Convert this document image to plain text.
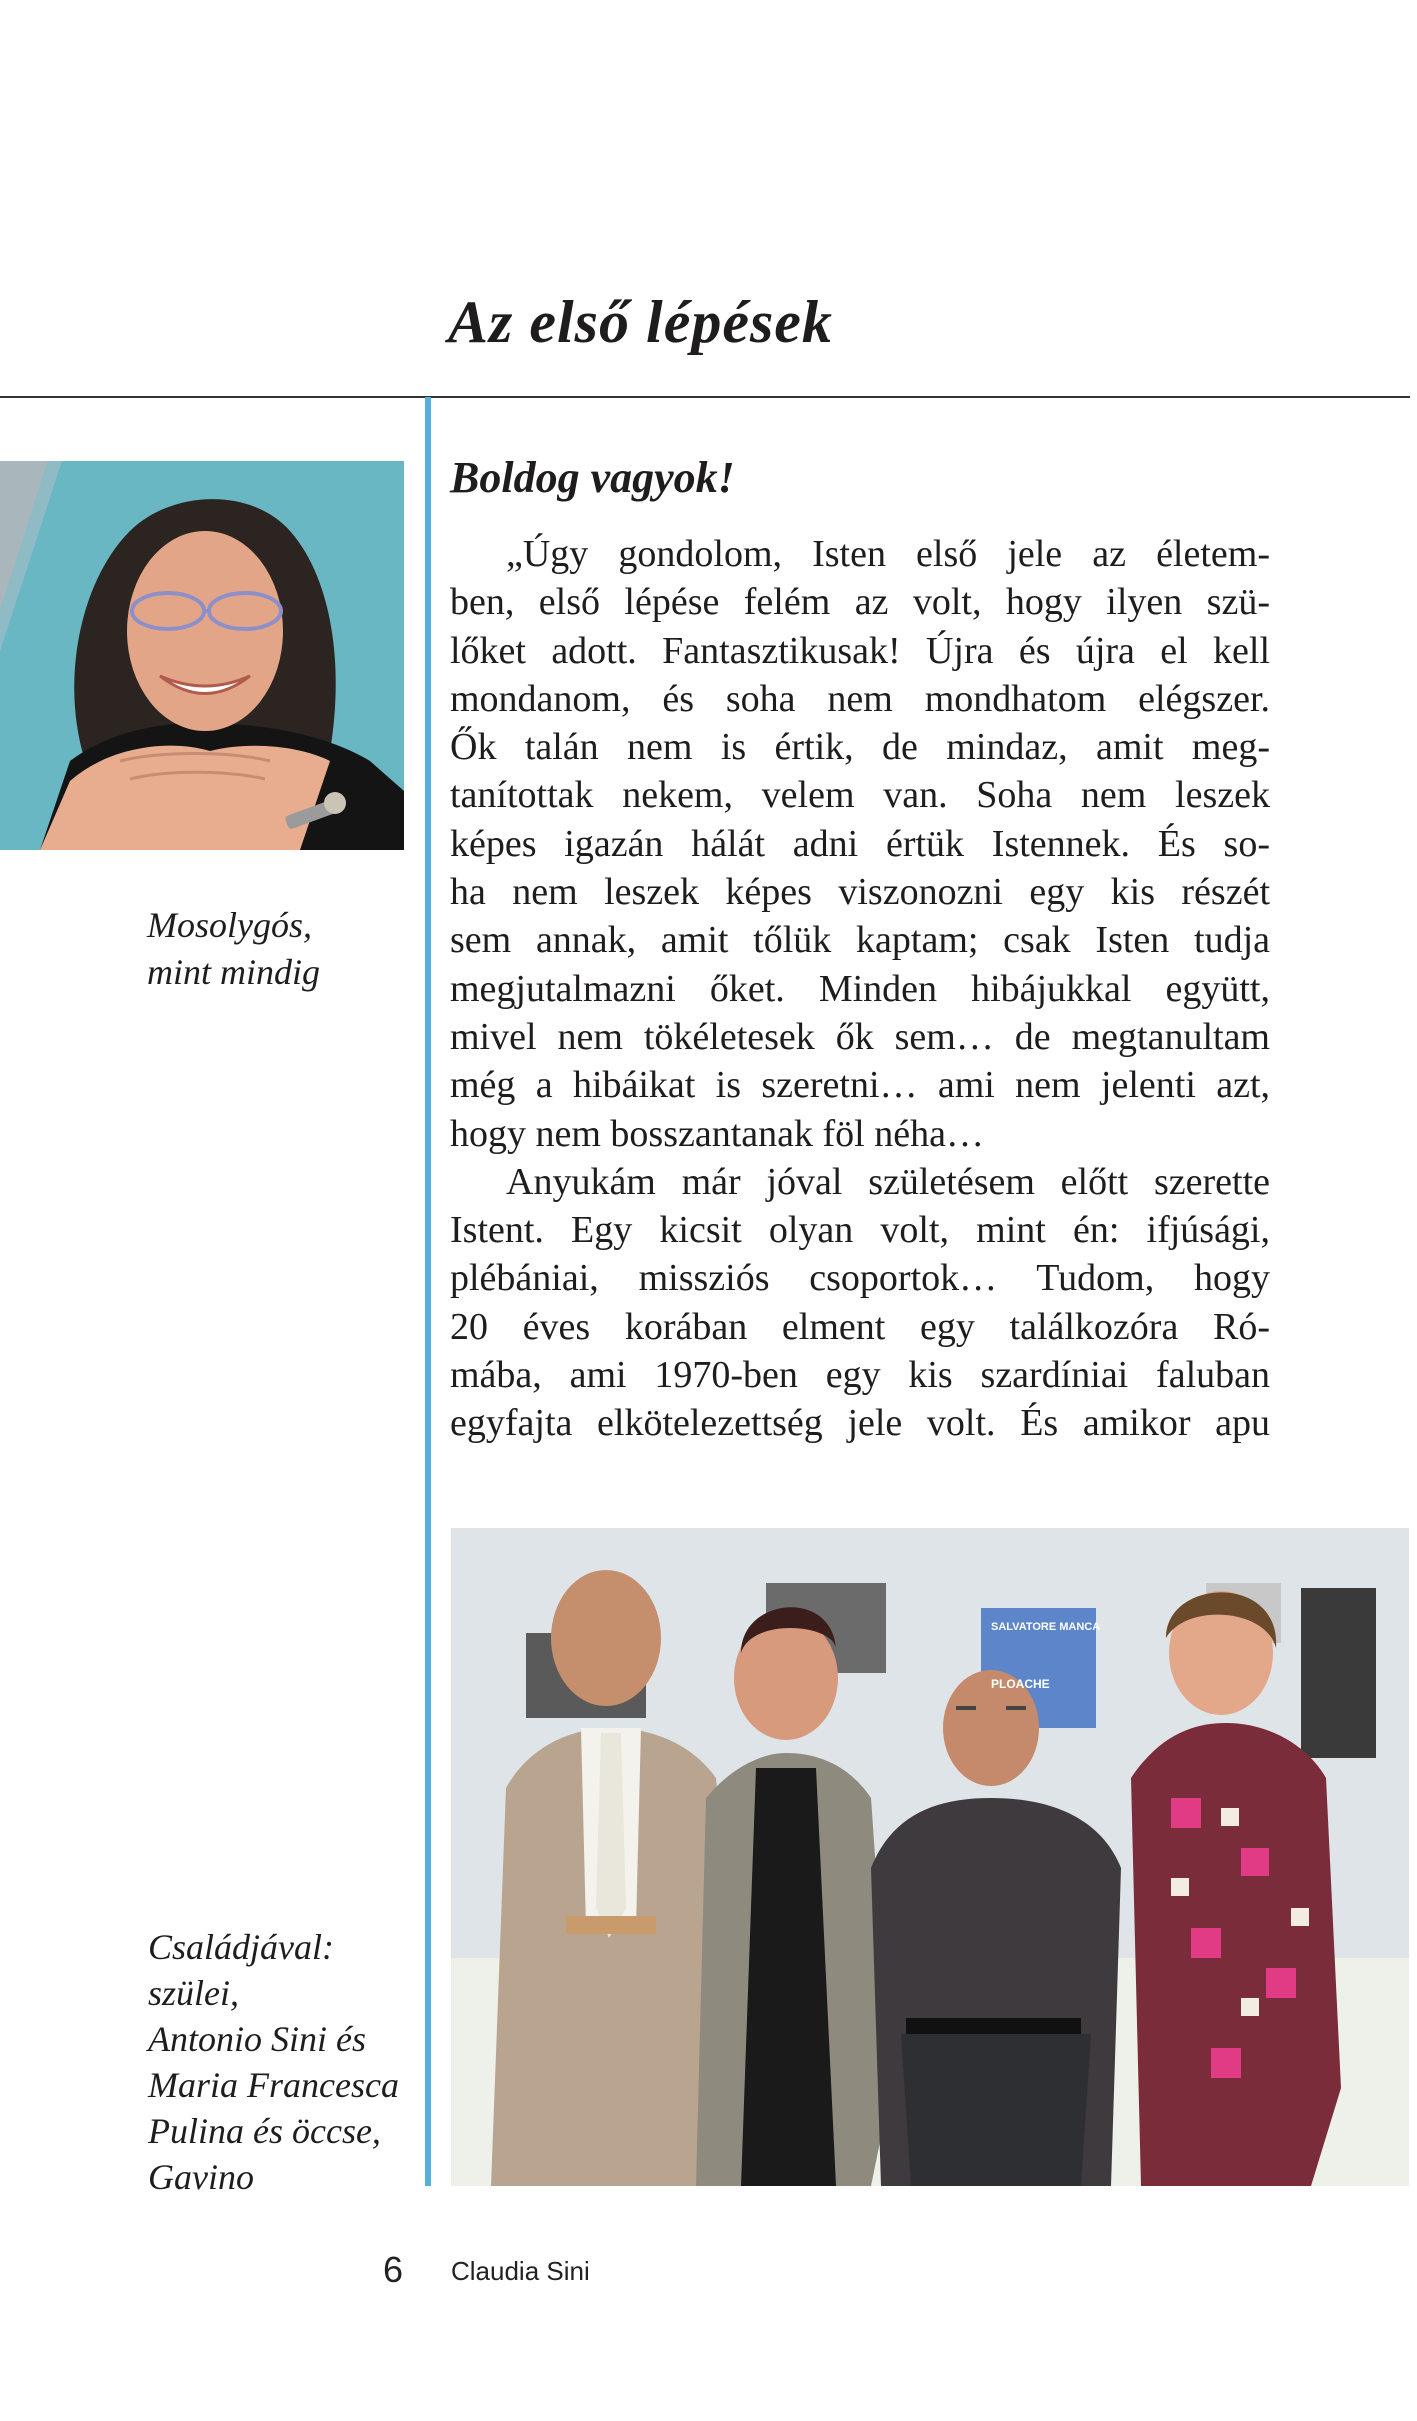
Az első lépések
Mosolygós,
mint mindig
Boldog vagyok!
„Úgy gondolom, Isten első jele az életem-
ben, első lépése felém az volt, hogy ilyen szü-
lőket adott. Fantasztikusak! Újra és újra el kell
mondanom, és soha nem mondhatom elégszer.
Ők talán nem is értik, de mindaz, amit meg-
tanítottak nekem, velem van. Soha nem leszek
képes igazán hálát adni értük Istennek. És so-
ha nem leszek képes viszonozni egy kis részét
sem annak, amit tőlük kaptam; csak Isten tudja
megjutalmazni őket. Minden hibájukkal együtt,
mivel nem tökéletesek ők sem… de megtanultam
még a hibáikat is szeretni… ami nem jelenti azt,
hogy nem bosszantanak föl néha…
Anyukám már jóval születésem előtt szerette
Istent. Egy kicsit olyan volt, mint én: ifjúsági,
plébániai, missziós csoportok… Tudom, hogy
20 éves korában elment egy találkozóra Ró-
mába, ami 1970-ben egy kis szardíniai faluban
egyfajta elkötelezettség jele volt. És amikor apu
SALVATORE MANCA
PLOACHE
Családjával:
szülei,
Antonio Sini és
Maria Francesca
Pulina és öccse,
Gavino
6 Claudia Sini
